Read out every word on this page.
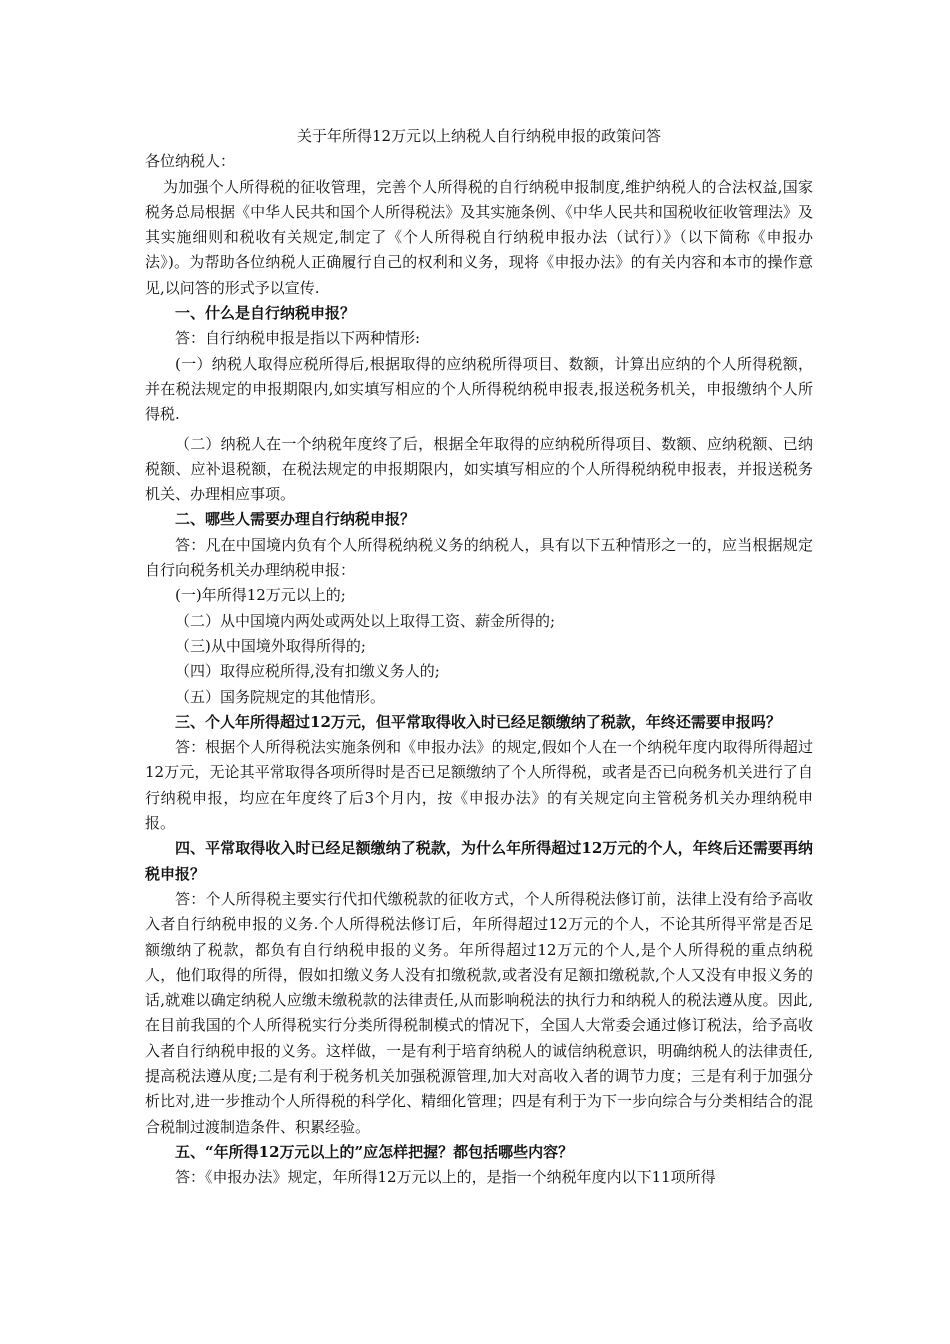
关于年所得12万元以上纳税人自行纳税申报的政策问答

各位纳税人：

为加强个人所得税的征收管理，完善个人所得税的自行纳税申报制度,维护纳税人的合法权益,国家税务总局根据《中华人民共和国个人所得税法》及其实施条例、《中华人民共和国税收征收管理法》及其实施细则和税收有关规定,制定了《个人所得税自行纳税申报办法（试行）》（以下简称《申报办法》)。为帮助各位纳税人正确履行自己的权利和义务，现将《申报办法》的有关内容和本市的操作意见,以问答的形式予以宣传.

一、什么是自行纳税申报？

答：自行纳税申报是指以下两种情形:

(一）纳税人取得应税所得后,根据取得的应纳税所得项目、数额，计算出应纳的个人所得税额，并在税法规定的申报期限内,如实填写相应的个人所得税纳税申报表,报送税务机关，申报缴纳个人所得税.

（二）纳税人在一个纳税年度终了后，根据全年取得的应纳税所得项目、数额、应纳税额、已纳税额、应补退税额，在税法规定的申报期限内，如实填写相应的个人所得税纳税申报表，并报送税务机关、办理相应事项。

二、哪些人需要办理自行纳税申报？

答：凡在中国境内负有个人所得税纳税义务的纳税人，具有以下五种情形之一的，应当根据规定自行向税务机关办理纳税申报：

(一)年所得12万元以上的;

（二）从中国境内两处或两处以上取得工资、薪金所得的;

（三)从中国境外取得所得的;

（四）取得应税所得,没有扣缴义务人的;

（五）国务院规定的其他情形。

三、个人年所得超过12万元，但平常取得收入时已经足额缴纳了税款，年终还需要申报吗？

答：根据个人所得税法实施条例和《申报办法》的规定,假如个人在一个纳税年度内取得所得超过12万元，无论其平常取得各项所得时是否已足额缴纳了个人所得税，或者是否已向税务机关进行了自行纳税申报，均应在年度终了后3个月内，按《申报办法》的有关规定向主管税务机关办理纳税申报。

四、平常取得收入时已经足额缴纳了税款，为什么年所得超过12万元的个人，年终后还需要再纳税申报？

答：个人所得税主要实行代扣代缴税款的征收方式，个人所得税法修订前，法律上没有给予高收入者自行纳税申报的义务.个人所得税法修订后，年所得超过12万元的个人，不论其所得平常是否足额缴纳了税款，都负有自行纳税申报的义务。年所得超过12万元的个人,是个人所得税的重点纳税人，他们取得的所得，假如扣缴义务人没有扣缴税款,或者没有足额扣缴税款,个人又没有申报义务的话,就难以确定纳税人应缴未缴税款的法律责任,从而影响税法的执行力和纳税人的税法遵从度。因此,在目前我国的个人所得税实行分类所得税制模式的情况下，全国人大常委会通过修订税法，给予高收入者自行纳税申报的义务。这样做，一是有利于培育纳税人的诚信纳税意识，明确纳税人的法律责任,提高税法遵从度;二是有利于税务机关加强税源管理,加大对高收入者的调节力度；三是有利于加强分析比对,进一步推动个人所得税的科学化、精细化管理；四是有利于为下一步向综合与分类相结合的混合税制过渡制造条件、积累经验。

五、“年所得12万元以上的”应怎样把握？都包括哪些内容？

答：《申报办法》规定，年所得12万元以上的，是指一个纳税年度内以下11项所得
